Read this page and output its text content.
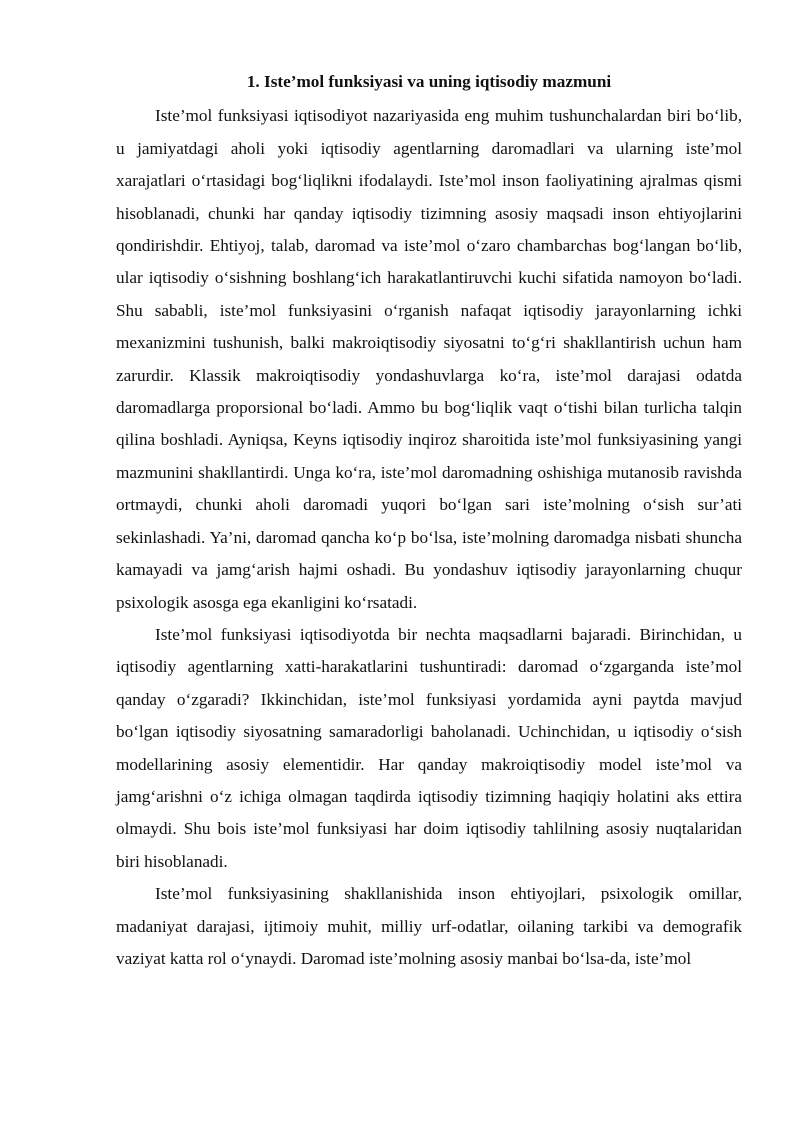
1. Iste’mol funksiyasi va uning iqtisodiy mazmuni

Iste’mol funksiyasi iqtisodiyot nazariyasida eng muhim tushunchalardan biri bo‘lib, u jamiyatdagi aholi yoki iqtisodiy agentlarning daromadlari va ularning iste’mol xarajatlari o‘rtasidagi bog‘liqlikni ifodalaydi. Iste’mol inson faoliyatining ajralmas qismi hisoblanadi, chunki har qanday iqtisodiy tizimning asosiy maqsadi inson ehtiyojlarini qondirishdir. Ehtiyoj, talab, daromad va iste’mol o‘zaro chambarchas bog‘langan bo‘lib, ular iqtisodiy o‘sishning boshlang‘ich harakatlantiruvchi kuchi sifatida namoyon bo‘ladi. Shu sababli, iste’mol funksiyasini o‘rganish nafaqat iqtisodiy jarayonlarning ichki mexanizmini tushunish, balki makroiqtisodiy siyosatni to‘g‘ri shakllantirish uchun ham zarurdir. Klassik makroiqtisodiy yondashuvlarga ko‘ra, iste’mol darajasi odatda daromadlarga proporsional bo‘ladi. Ammo bu bog‘liqlik vaqt o‘tishi bilan turlicha talqin qilina boshladi. Ayniqsa, Keyns iqtisodiy inqiroz sharoitida iste’mol funksiyasining yangi mazmunini shakllantirdi. Unga ko‘ra, iste’mol daromadning oshishiga mutanosib ravishda ortmaydi, chunki aholi daromadi yuqori bo‘lgan sari iste’molning o‘sish sur’ati sekinlashadi. Ya’ni, daromad qancha ko‘p bo‘lsa, iste’molning daromadga nisbati shuncha kamayadi va jamg‘arish hajmi oshadi. Bu yondashuv iqtisodiy jarayonlarning chuqur psixologik asosga ega ekanligini ko‘rsatadi.

Iste’mol funksiyasi iqtisodiyotda bir nechta maqsadlarni bajaradi. Birinchidan, u iqtisodiy agentlarning xatti-harakatlarini tushuntiradi: daromad o‘zgarganda iste’mol qanday o‘zgaradi? Ikkinchidan, iste’mol funksiyasi yordamida ayni paytda mavjud bo‘lgan iqtisodiy siyosatning samaradorligi baholanadi. Uchinchidan, u iqtisodiy o‘sish modellarining asosiy elementidir. Har qanday makroiqtisodiy model iste’mol va jamg‘arishni o‘z ichiga olmagan taqdirda iqtisodiy tizimning haqiqiy holatini aks ettira olmaydi. Shu bois iste’mol funksiyasi har doim iqtisodiy tahlilning asosiy nuqtalaridan biri hisoblanadi.

Iste’mol funksiyasining shakllanishida inson ehtiyojlari, psixologik omillar, madaniyat darajasi, ijtimoiy muhit, milliy urf-odatlar, oilaning tarkibi va demografik vaziyat katta rol o‘ynaydi. Daromad iste’molning asosiy manbai bo‘lsa-da, iste’mol
